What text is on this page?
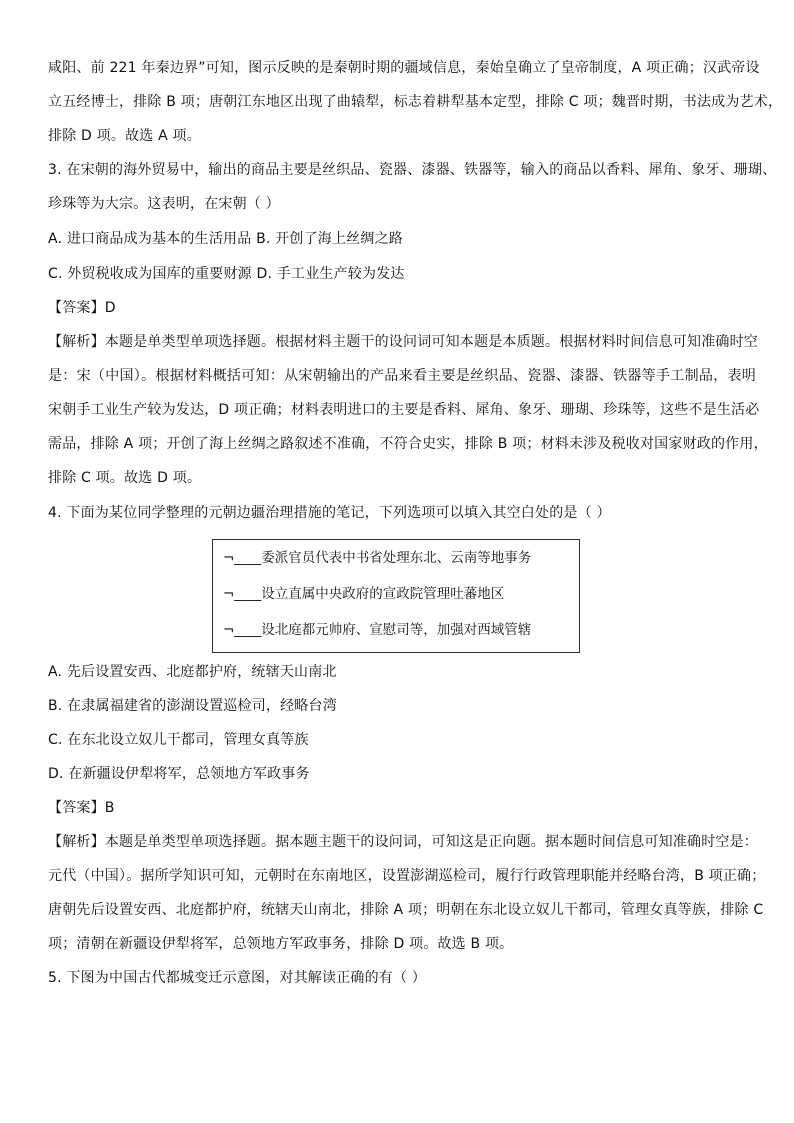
咸阳、前 221 年秦边界”可知，图示反映的是秦朝时期的疆域信息，秦始皇确立了皇帝制度，A 项正确；汉武帝设
立五经博士，排除 B 项；唐朝江东地区出现了曲辕犁，标志着耕犁基本定型，排除 C 项；魏晋时期，书法成为艺术，
排除 D 项。故选 A 项。
3. 在宋朝的海外贸易中，输出的商品主要是丝织品、瓷器、漆器、铁器等，输入的商品以香料、犀角、象牙、珊瑚、
珍珠等为大宗。这表明，在宋朝（ ）
A. 进口商品成为基本的生活用品 B. 开创了海上丝绸之路
C. 外贸税收成为国库的重要财源 D. 手工业生产较为发达
【答案】D
【解析】本题是单类型单项选择题。根据材料主题干的设问词可知本题是本质题。根据材料时间信息可知准确时空
是：宋（中国）。根据材料概括可知：从宋朝输出的产品来看主要是丝织品、瓷器、漆器、铁器等手工制品，表明
宋朝手工业生产较为发达，D 项正确；材料表明进口的主要是香料、犀角、象牙、珊瑚、珍珠等，这些不是生活必
需品，排除 A 项；开创了海上丝绸之路叙述不准确，不符合史实，排除 B 项；材料未涉及税收对国家财政的作用，
排除 C 项。故选 D 项。
4. 下面为某位同学整理的元朝边疆治理措施的笔记，下列选项可以填入其空白处的是（ ）
¬____委派官员代表中书省处理东北、云南等地事务
¬____设立直属中央政府的宣政院管理吐蕃地区
¬____设北庭都元帅府、宣慰司等，加强对西域管辖
A. 先后设置安西、北庭都护府，统辖天山南北
B. 在隶属福建省的澎湖设置巡检司，经略台湾
C. 在东北设立奴儿干都司，管理女真等族
D. 在新疆设伊犁将军，总领地方军政事务
【答案】B
【解析】本题是单类型单项选择题。据本题主题干的设问词，可知这是正向题。据本题时间信息可知准确时空是：
元代（中国）。据所学知识可知，元朝时在东南地区，设置澎湖巡检司，履行行政管理职能并经略台湾，B 项正确；
唐朝先后设置安西、北庭都护府，统辖天山南北，排除 A 项；明朝在东北设立奴儿干都司，管理女真等族，排除 C
项；清朝在新疆设伊犁将军，总领地方军政事务，排除 D 项。故选 B 项。
5. 下图为中国古代都城变迁示意图，对其解读正确的有（ ）
